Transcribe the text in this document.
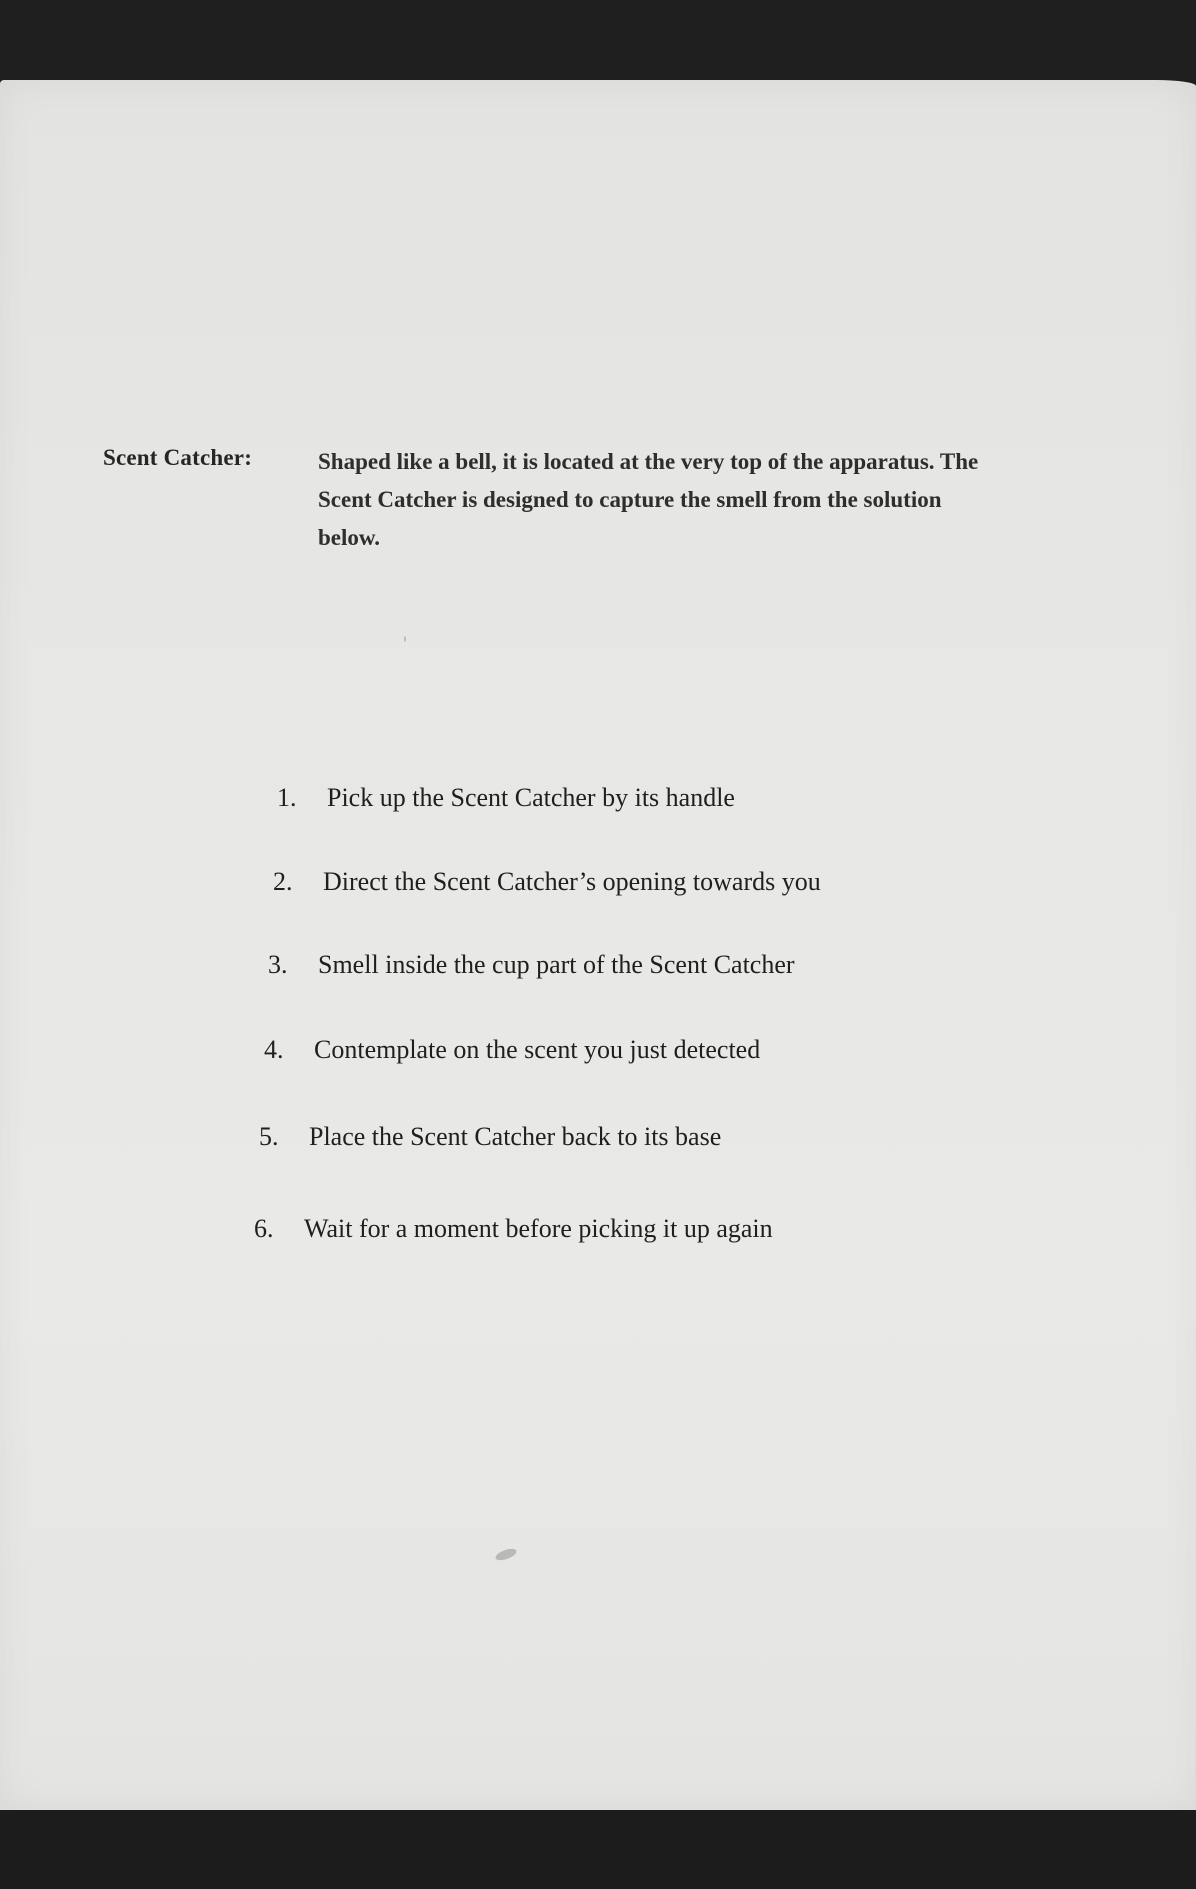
Scent Catcher:	Shaped like a bell, it is located at the very top of the apparatus. The
Scent Catcher is designed to capture the smell from the solution
below.
1. Pick up the Scent Catcher by its handle
2. Direct the Scent Catcher’s opening towards you
3. Smell inside the cup part of the Scent Catcher
4. Contemplate on the scent you just detected
5. Place the Scent Catcher back to its base
6. Wait for a moment before picking it up again
